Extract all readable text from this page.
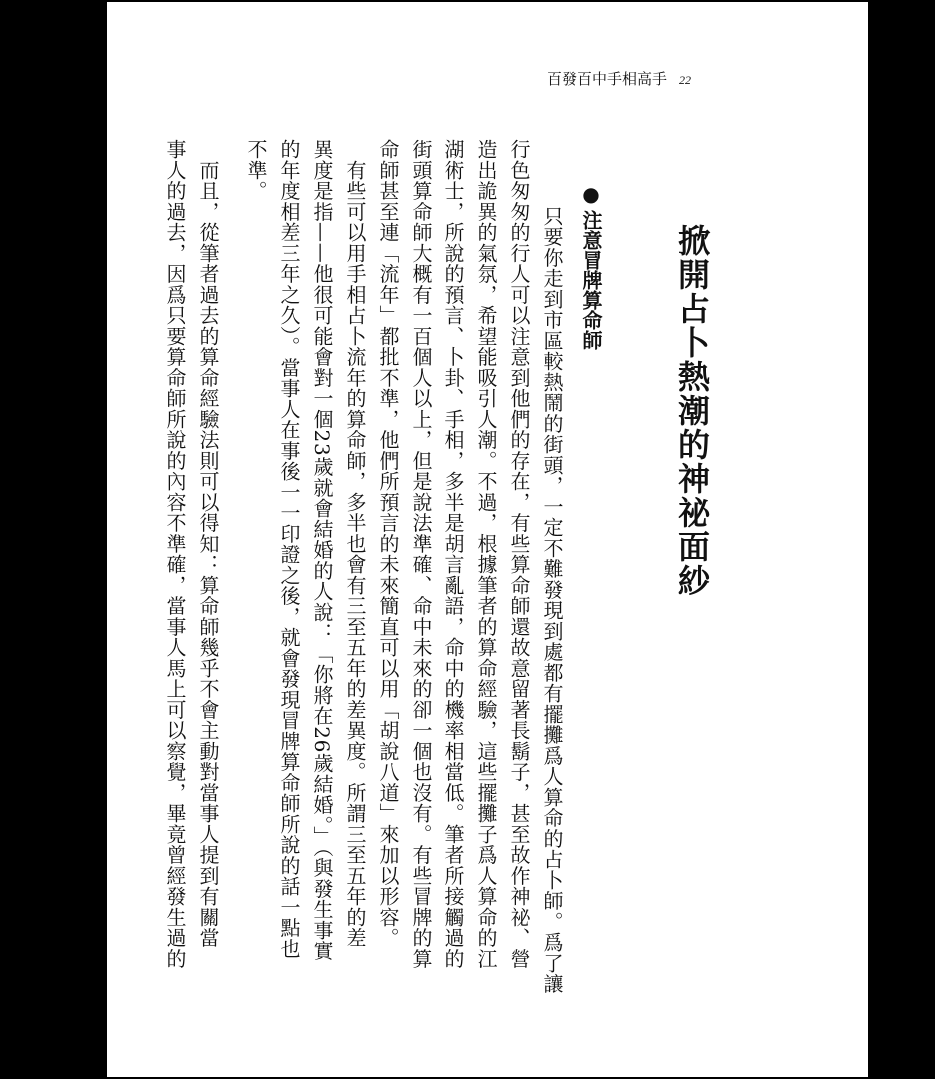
百發百中手相高手 22
掀開占卜熱潮的神祕面紗
●注意冒牌算命師
　只要你走到市區較熱鬧的街頭，一定不難發現到處都有擺攤爲人算命的占卜師。爲了讓
行色匆匆的行人可以注意到他們的存在，有些算命師還故意留著長鬍子，甚至故作神祕、營
造出詭異的氣氛，希望能吸引人潮。不過，根據筆者的算命經驗，這些擺攤子爲人算命的江
湖術士，所說的預言、卜卦、手相，多半是胡言亂語，命中的機率相當低。筆者所接觸過的
街頭算命師大概有一百個人以上，但是說法準確、命中未來的卻一個也沒有。有些冒牌的算
命師甚至連「流年」都批不準，他們所預言的未來簡直可以用「胡說八道」來加以形容。
　有些可以用手相占卜流年的算命師，多半也會有三至五年的差異度。所謂三至五年的差
異度是指——他很可能會對一個23歲就會結婚的人說：「你將在26歲結婚。」（與發生事實
的年度相差三年之久）。當事人在事後一一印證之後，就會發現冒牌算命師所說的話一點也
不準。
　而且，從筆者過去的算命經驗法則可以得知：算命師幾乎不會主動對當事人提到有關當
事人的過去，因爲只要算命師所說的內容不準確，當事人馬上可以察覺，畢竟曾經發生過的
